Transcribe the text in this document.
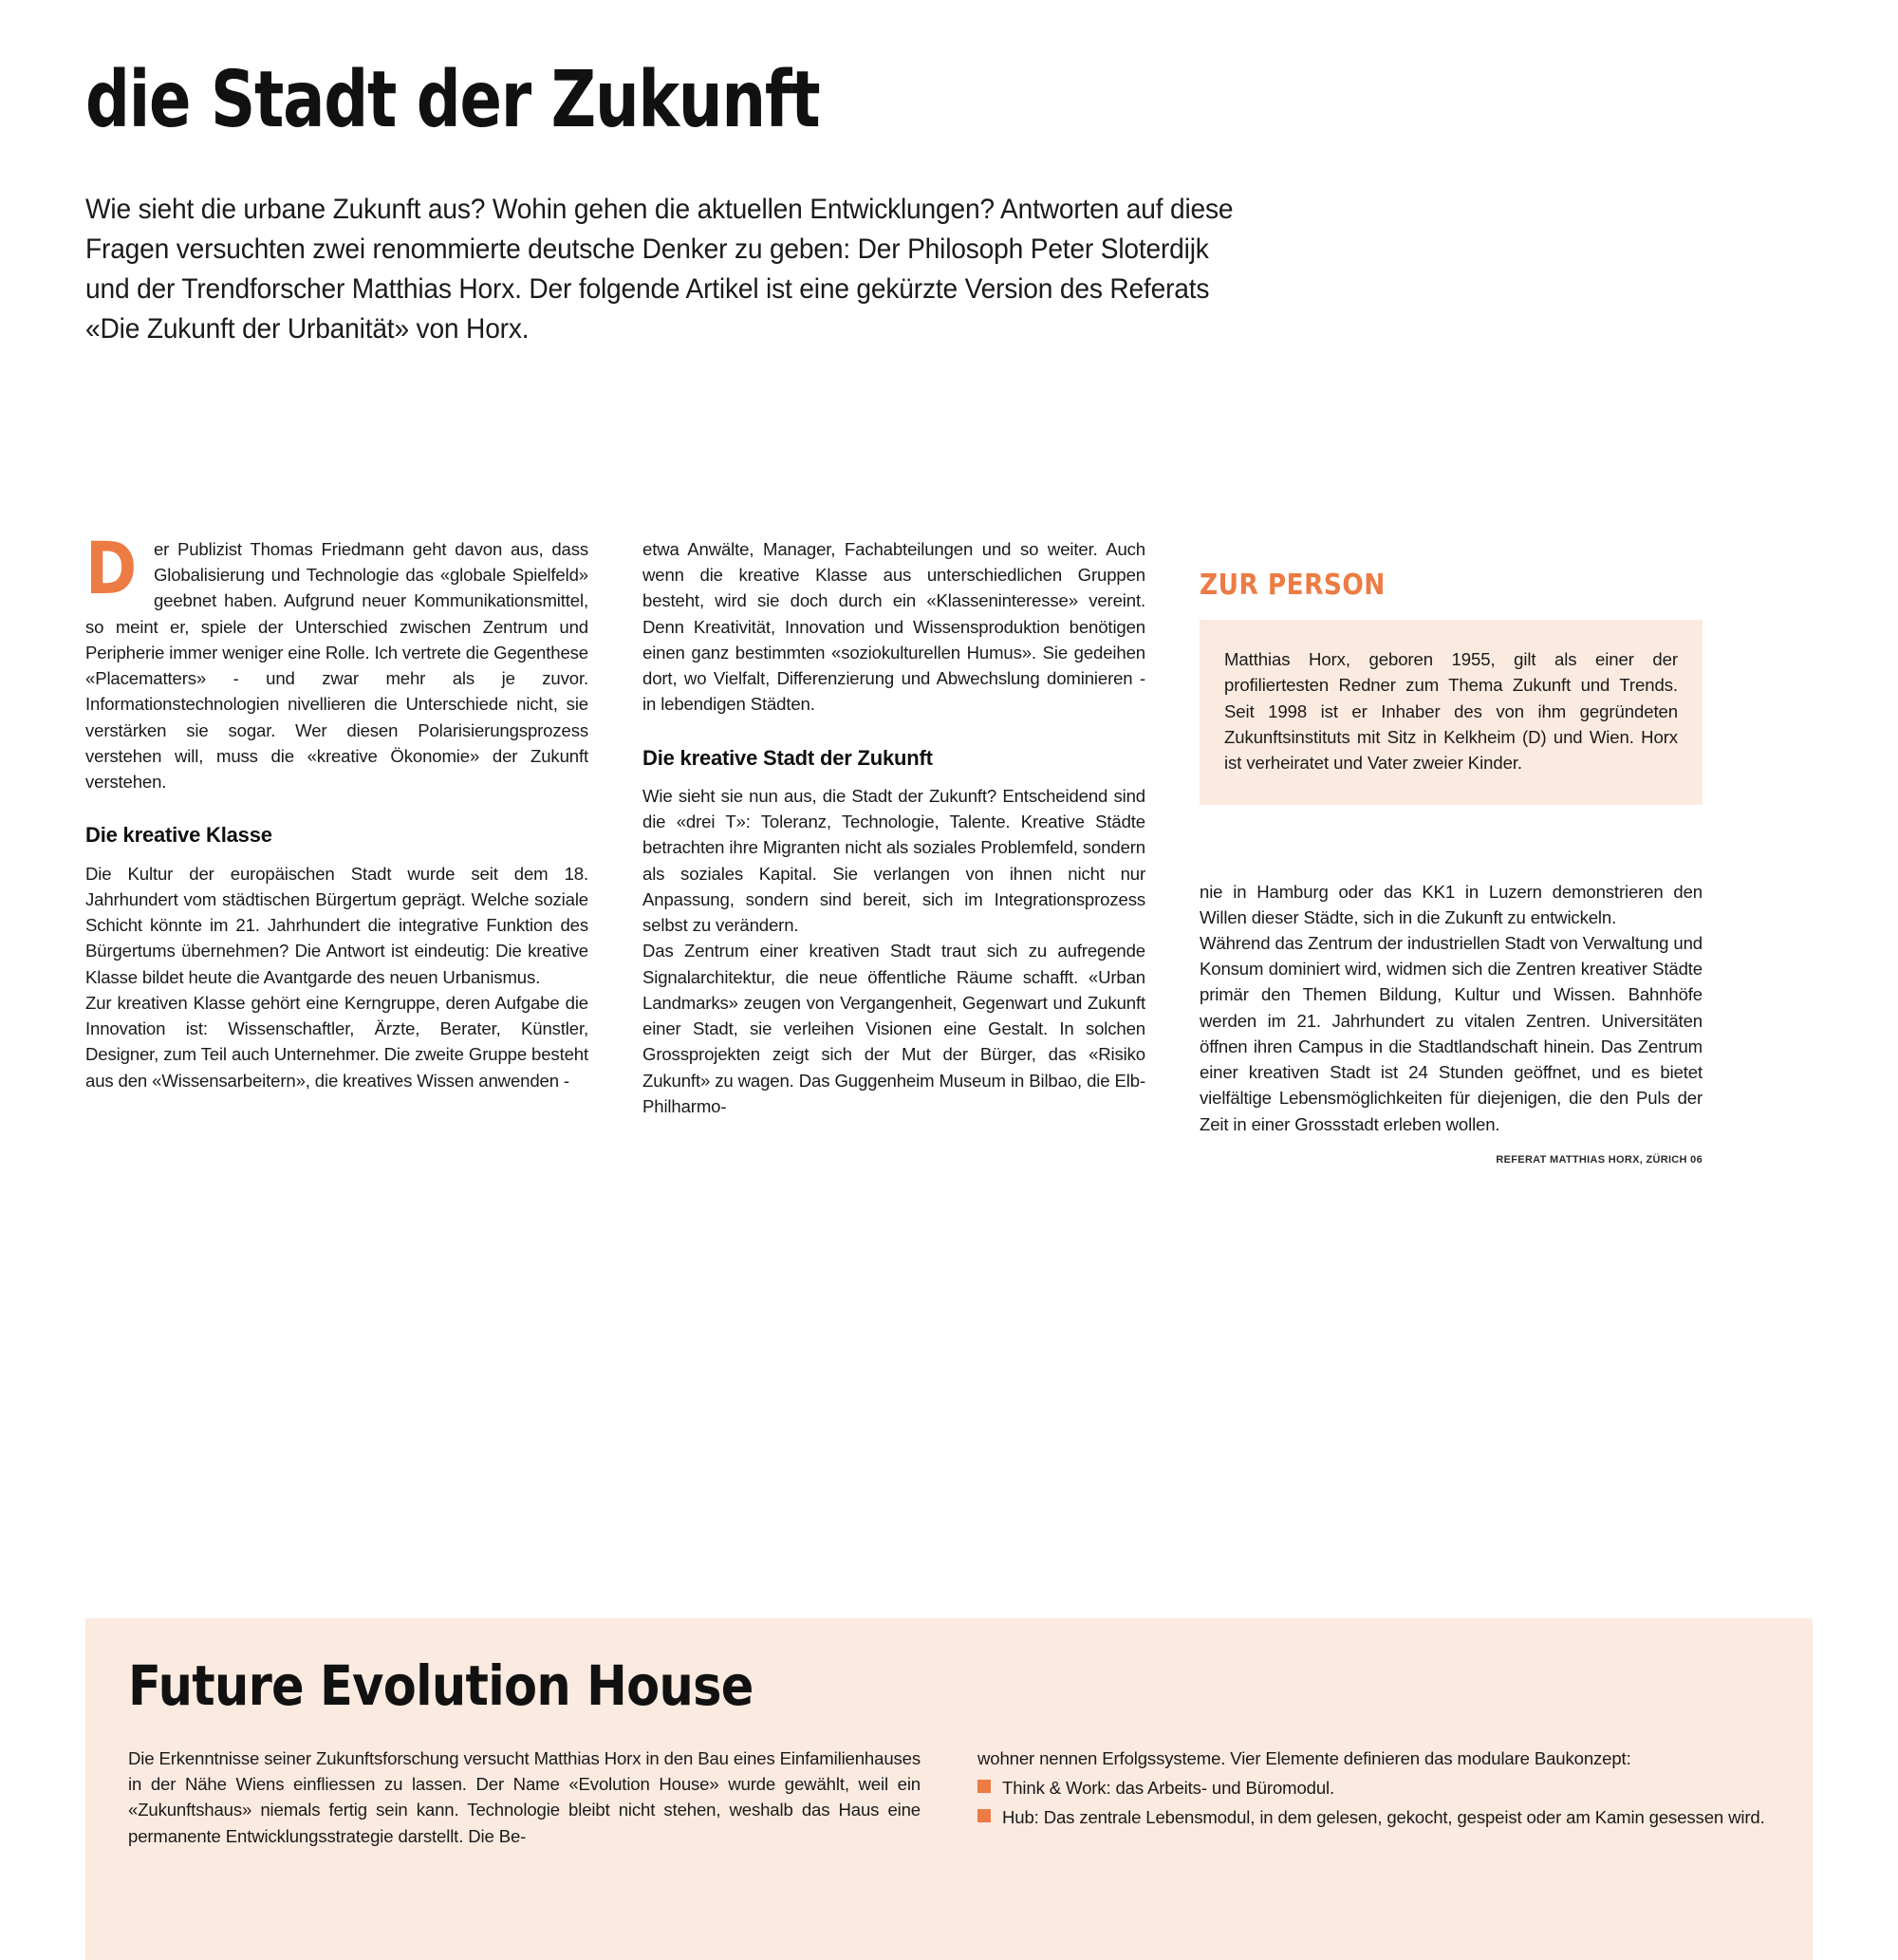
die Stadt der Zukunft

Wie sieht die urbane Zukunft aus? Wohin gehen die aktuellen Entwicklungen? Antworten auf diese Fragen versuchten zwei renommierte deutsche Denker zu geben: Der Philosoph Peter Sloterdijk und der Trendforscher Matthias Horx. Der folgende Artikel ist eine gekürzte Version des Referats «Die Zukunft der Urbanität» von Horx.

Der Publizist Thomas Friedmann geht davon aus, dass Globalisierung und Technologie das «globale Spielfeld» geebnet haben. Aufgrund neuer Kommunikationsmittel, so meint er, spiele der Unterschied zwischen Zentrum und Peripherie immer weniger eine Rolle. Ich vertrete die Gegenthese «Placematters» - und zwar mehr als je zuvor. Informationstechnologien nivellieren die Unterschiede nicht, sie verstärken sie sogar. Wer diesen Polarisierungsprozess verstehen will, muss die «kreative Ökonomie» der Zukunft verstehen.

Die kreative Klasse

Die Kultur der europäischen Stadt wurde seit dem 18. Jahrhundert vom städtischen Bürgertum geprägt. Welche soziale Schicht könnte im 21. Jahrhundert die integrative Funktion des Bürgertums übernehmen? Die Antwort ist eindeutig: Die kreative Klasse bildet heute die Avantgarde des neuen Urbanismus.

Zur kreativen Klasse gehört eine Kerngruppe, deren Aufgabe die Innovation ist: Wissenschaftler, Ärzte, Berater, Künstler, Designer, zum Teil auch Unternehmer. Die zweite Gruppe besteht aus den «Wissensarbeitern», die kreatives Wissen anwenden -

etwa Anwälte, Manager, Fachabteilungen und so weiter. Auch wenn die kreative Klasse aus unterschiedlichen Gruppen besteht, wird sie doch durch ein «Klasseninteresse» vereint. Denn Kreativität, Innovation und Wissensproduktion benötigen einen ganz bestimmten «soziokulturellen Humus». Sie gedeihen dort, wo Vielfalt, Differenzierung und Abwechslung dominieren - in lebendigen Städten.

Die kreative Stadt der Zukunft

Wie sieht sie nun aus, die Stadt der Zukunft? Entscheidend sind die «drei T»: Toleranz, Technologie, Talente. Kreative Städte betrachten ihre Migranten nicht als soziales Problemfeld, sondern als soziales Kapital. Sie verlangen von ihnen nicht nur Anpassung, sondern sind bereit, sich im Integrationsprozess selbst zu verändern.

Das Zentrum einer kreativen Stadt traut sich zu aufregende Signalarchitektur, die neue öffentliche Räume schafft. «Urban Landmarks» zeugen von Vergangenheit, Gegenwart und Zukunft einer Stadt, sie verleihen Visionen eine Gestalt. In solchen Grossprojekten zeigt sich der Mut der Bürger, das «Risiko Zukunft» zu wagen. Das Guggenheim Museum in Bilbao, die Elb-Philharmo-

ZUR PERSON

Matthias Horx, geboren 1955, gilt als einer der profiliertesten Redner zum Thema Zukunft und Trends. Seit 1998 ist er Inhaber des von ihm gegründeten Zukunftsinstituts mit Sitz in Kelkheim (D) und Wien. Horx ist verheiratet und Vater zweier Kinder.

nie in Hamburg oder das KK1 in Luzern demonstrieren den Willen dieser Städte, sich in die Zukunft zu entwickeln.

Während das Zentrum der industriellen Stadt von Verwaltung und Konsum dominiert wird, widmen sich die Zentren kreativer Städte primär den Themen Bildung, Kultur und Wissen. Bahnhöfe werden im 21. Jahrhundert zu vitalen Zentren. Universitäten öffnen ihren Campus in die Stadtlandschaft hinein. Das Zentrum einer kreativen Stadt ist 24 Stunden geöffnet, und es bietet vielfältige Lebensmöglichkeiten für diejenigen, die den Puls der Zeit in einer Grossstadt erleben wollen.

REFERAT MATTHIAS HORX, ZÜRICH 06
Future Evolution House

Die Erkenntnisse seiner Zukunftsforschung versucht Matthias Horx in den Bau eines Einfamilienhauses in der Nähe Wiens einfliessen zu lassen. Der Name «Evolution House» wurde gewählt, weil ein «Zukunftshaus» niemals fertig sein kann. Technologie bleibt nicht stehen, weshalb das Haus eine permanente Entwicklungsstrategie darstellt. Die Be-

wohner nennen Erfolgssysteme. Vier Elemente definieren das modulare Baukonzept:

Think & Work: das Arbeits- und Büromodul.
Hub: Das zentrale Lebensmodul, in dem gelesen, gekocht, gespeist oder am Kamin gesessen wird.
